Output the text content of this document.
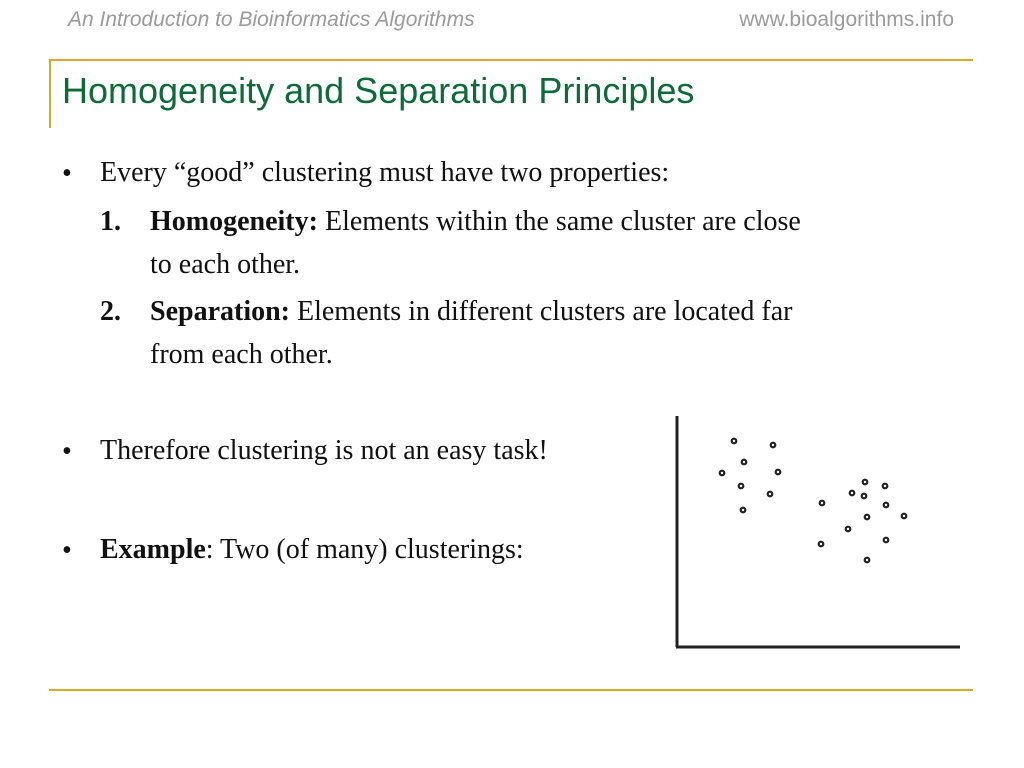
An Introduction to Bioinformatics Algorithms	www.bioalgorithms.info
Homogeneity and Separation Principles
• Every “good” clustering must have two properties:
1. Homogeneity: Elements within the same cluster are close
to each other.
2. Separation: Elements in different clusters are located far
from each other.
• Therefore clustering is not an easy task!
• Example: Two (of many) clusterings:
